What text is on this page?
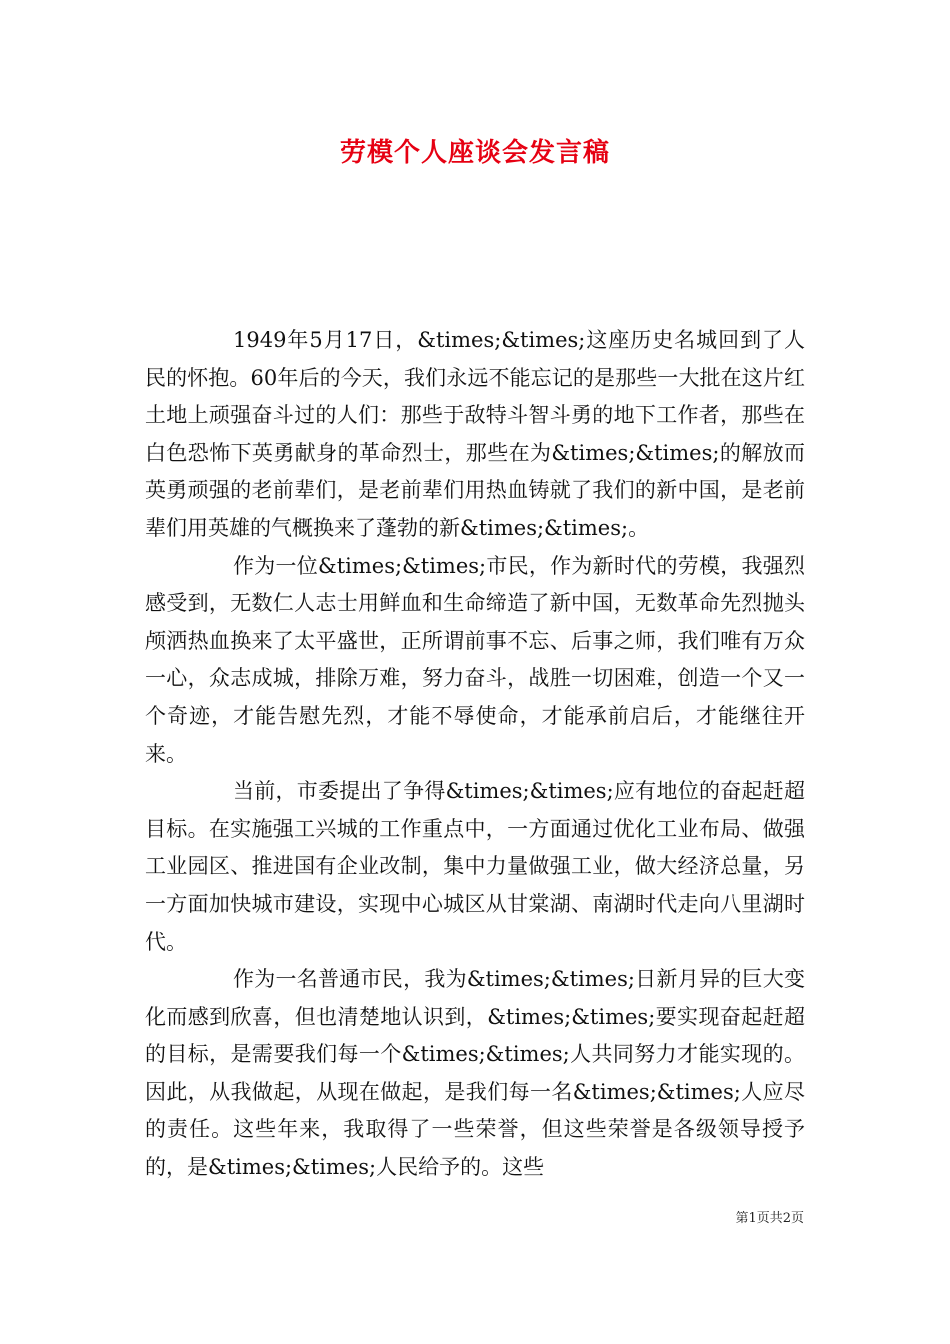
劳模个人座谈会发言稿

1949年5月17日，&times;&times;这座历史名城回到了人民的怀抱。60年后的今天，我们永远不能忘记的是那些一大批在这片红土地上顽强奋斗过的人们：那些于敌特斗智斗勇的地下工作者，那些在白色恐怖下英勇献身的革命烈士，那些在为&times;&times;的解放而英勇顽强的老前辈们，是老前辈们用热血铸就了我们的新中国，是老前辈们用英雄的气概换来了蓬勃的新&times;&times;。

作为一位&times;&times;市民，作为新时代的劳模，我强烈感受到，无数仁人志士用鲜血和生命缔造了新中国，无数革命先烈抛头颅洒热血换来了太平盛世，正所谓前事不忘、后事之师，我们唯有万众一心，众志成城，排除万难，努力奋斗，战胜一切困难，创造一个又一个奇迹，才能告慰先烈，才能不辱使命，才能承前启后，才能继往开来。

当前，市委提出了争得&times;&times;应有地位的奋起赶超目标。在实施强工兴城的工作重点中，一方面通过优化工业布局、做强工业园区、推进国有企业改制，集中力量做强工业，做大经济总量，另一方面加快城市建设，实现中心城区从甘棠湖、南湖时代走向八里湖时代。

作为一名普通市民，我为&times;&times;日新月异的巨大变化而感到欣喜，但也清楚地认识到，&times;&times;要实现奋起赶超的目标，是需要我们每一个&times;&times;人共同努力才能实现的。因此，从我做起，从现在做起，是我们每一名&times;&times;人应尽的责任。这些年来，我取得了一些荣誉，但这些荣誉是各级领导授予的，是&times;&times;人民给予的。这些

第1页共2页
